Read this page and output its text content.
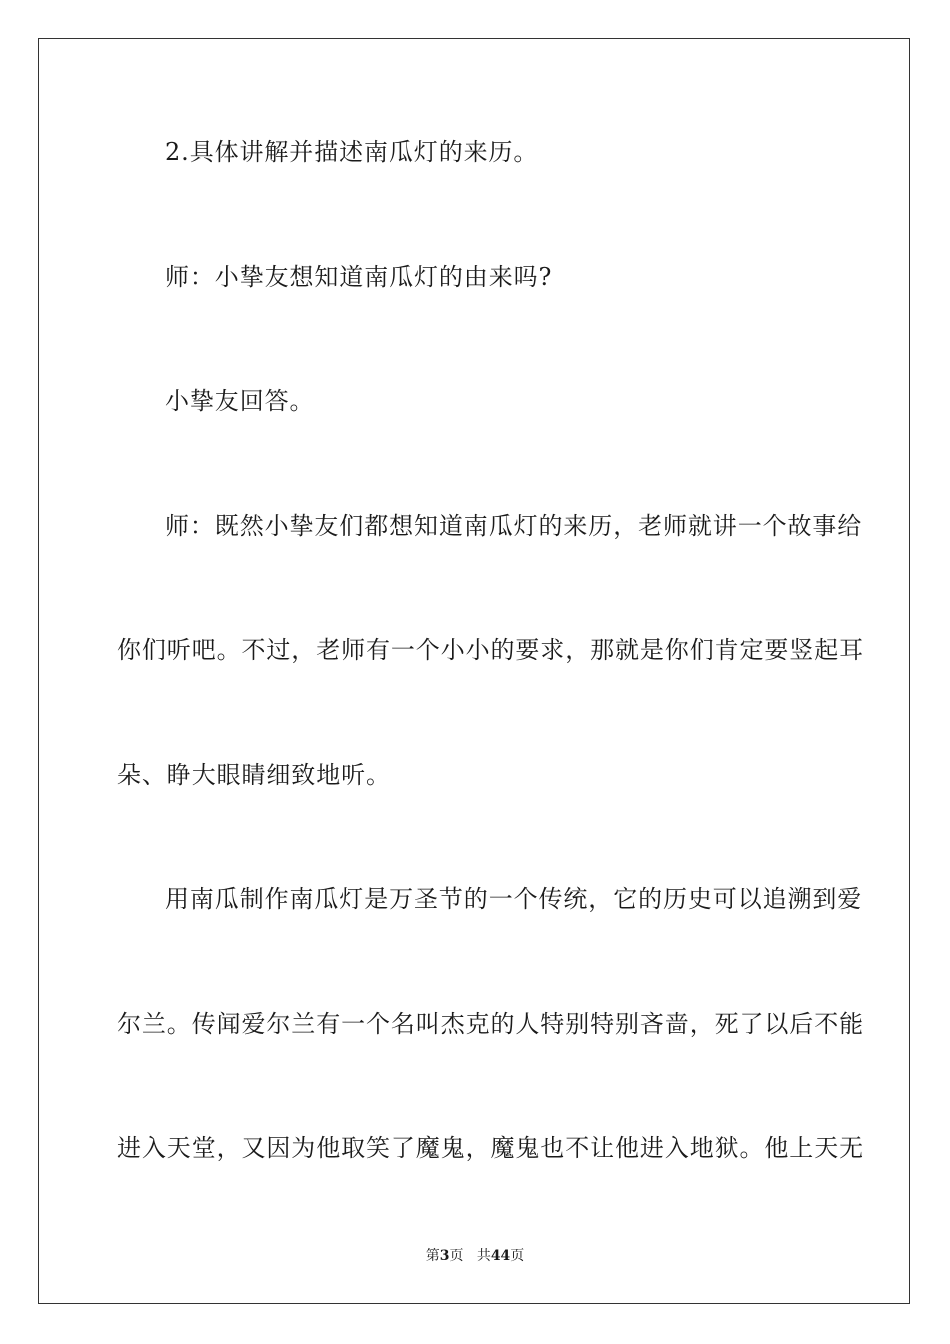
2.具体讲解并描述南瓜灯的来历。
师：小挚友想知道南瓜灯的由来吗?
小挚友回答。
师：既然小挚友们都想知道南瓜灯的来历，老师就讲一个故事给
你们听吧。不过，老师有一个小小的要求，那就是你们肯定要竖起耳
朵、睁大眼睛细致地听。
用南瓜制作南瓜灯是万圣节的一个传统，它的历史可以追溯到爱
尔兰。传闻爱尔兰有一个名叫杰克的人特别特别吝啬，死了以后不能
进入天堂，又因为他取笑了魔鬼，魔鬼也不让他进入地狱。他上天无
第3页 共44页
